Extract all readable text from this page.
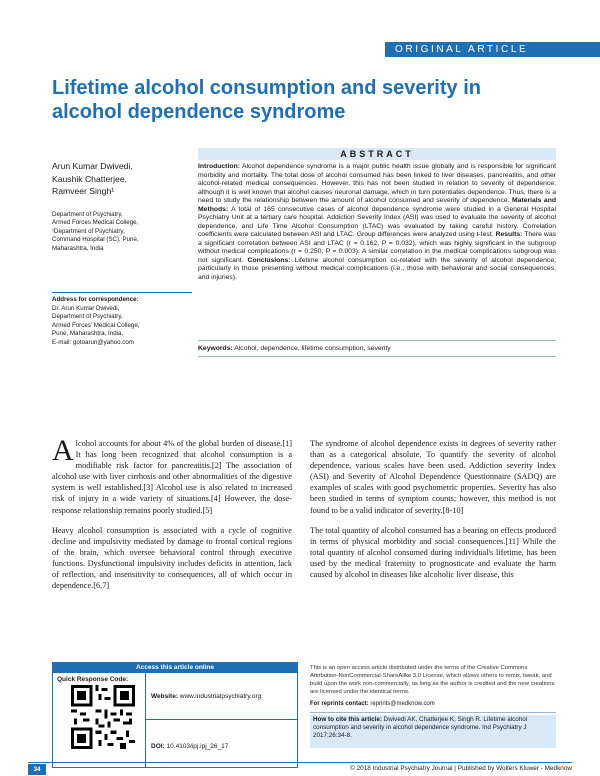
ORIGINAL ARTICLE
Lifetime alcohol consumption and severity in alcohol dependence syndrome
Arun Kumar Dwivedi,
Kaushik Chatterjee,
Ramveer Singh¹
Department of Psychiatry,
Armed Forces Medical College,
¹Department of Psychiatry,
Command Hospital (SC), Pune,
Maharashtra, India
Address for correspondence:
Dr. Arun Kumar Dwivedi,
Department of Psychiatry,
Armed Forces' Medical College,
Pune, Maharashtra, India.
E-mail: gotoarun@yahoo.com
ABSTRACT
Introduction: Alcohol dependence syndrome is a major public health issue globally and is responsible for significant morbidity and mortality. The total dose of alcohol consumed has been linked to liver diseases, pancreatitis, and other alcohol-related medical consequences. However, this has not been studied in relation to severity of dependence; although it is well known that alcohol causes neuronal damage, which in turn potentiates dependence. Thus, there is a need to study the relationship between the amount of alcohol consumed and severity of dependence. Materials and Methods: A total of 165 consecutive cases of alcohol dependence syndrome were studied in a General Hospital Psychiatry Unit at a tertiary care hospital. Addiction Severity Index (ASI) was used to evaluate the severity of alcohol dependence, and Life Time Alcohol Consumption (LTAC) was evaluated by taking careful history. Correlation coefficients were calculated between ASI and LTAC. Group differences were analyzed using t-test. Results: There was a significant correlation between ASI and LTAC (r = 0.162, P = 0.032), which was highly significant in the subgroup without medical complications (r = 0.250, P = 0.003). A similar correlation in the medical complications subgroup was not significant. Conclusions: Lifetime alcohol consumption co-related with the severity of alcohol dependence, particularly in those presenting without medical complications (i.e., those with behavioral and social consequences, and injuries).
Keywords: Alcohol, dependence, lifetime consumption, severity
Alcohol accounts for about 4% of the global burden of disease.[1] It has long been recognized that alcohol consumption is a modifiable risk factor for pancreatitis.[2] The association of alcohol use with liver cirrhosis and other abnormalities of the digestive system is well established.[3] Alcohol use is also related to increased risk of injury in a wide variety of situations.[4] However, the dose-response relationship remains poorly studied.[5]
Heavy alcohol consumption is associated with a cycle of cognitive decline and impulsivity mediated by damage to frontal cortical regions of the brain, which oversee behavioral control through executive functions. Dysfunctional impulsivity includes deficits in attention, lack of reflection, and insensitivity to consequences, all of which occur in dependence.[6,7]
The syndrome of alcohol dependence exists in degrees of severity rather than as a categorical absolute. To quantify the severity of alcohol dependence, various scales have been used. Addiction severity Index (ASI) and Severity of Alcohol Dependence Questionnaire (SADQ) are examples of scales with good psychometric properties. Severity has also been studied in terms of symptom counts; however, this method is not found to be a valid indicator of severity.[8-10]
The total quantity of alcohol consumed has a bearing on effects produced in terms of physical morbidity and social consequences.[11] While the total quantity of alcohol consumed during individual's lifetime, has been used by the medical fraternity to prognosticate and evaluate the harm caused by alcohol in diseases like alcoholic liver disease, this
Access this article online
Quick Response Code:
Website: www.industrialpsychiatry.org
DOI: 10.4103/ipj.ipj_26_17
This is an open access article distributed under the terms of the Creative Commons Attribution-NonCommercial-ShareAlike 3.0 License, which allows others to remix, tweak, and build upon the work non-commercially, as long as the author is credited and the new creations are licensed under the identical terms.
For reprints contact: reprints@medknow.com
How to cite this article: Dwivedi AK, Chatterjee K, Singh R. Lifetime alcohol consumption and severity in alcohol dependence syndrome. Ind Psychiatry J 2017;26:34-8.
34	© 2018 Industrial Psychiatry Journal | Published by Wolters Kluwer - Medknow
